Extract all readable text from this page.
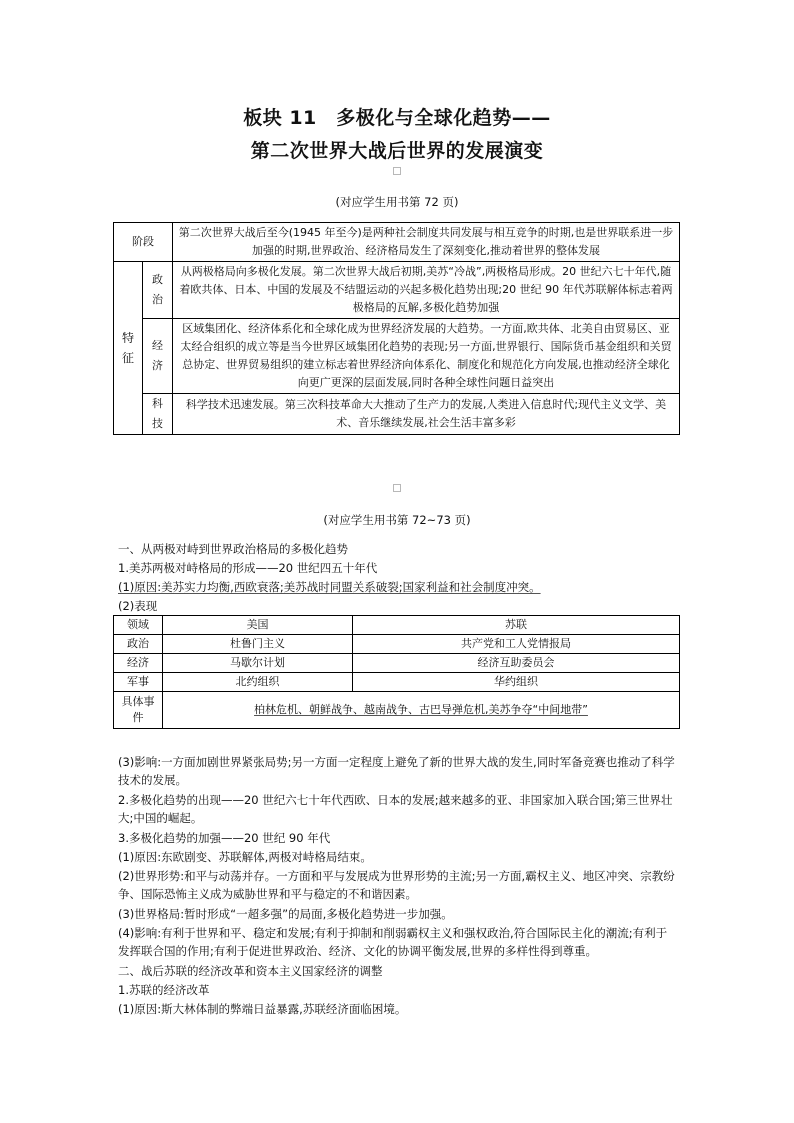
板块 11　多极化与全球化趋势——
第二次世界大战后世界的发展演变
(对应学生用书第 72 页)
阶段		第二次世界大战后至今(1945 年至今)是两种社会制度共同发展与相互竞争的时期,也是世界联系进一步加强的时期,世界政治、经济格局发生了深刻变化,推动着世界的整体发展
特征	政治	从两极格局向多极化发展。第二次世界大战后初期,美苏“冷战”,两极格局形成。20 世纪六七十年代,随着欧共体、日本、中国的发展及不结盟运动的兴起多极化趋势出现;20 世纪 90 年代苏联解体标志着两极格局的瓦解,多极化趋势加强
	经济	区域集团化、经济体系化和全球化成为世界经济发展的大趋势。一方面,欧共体、北美自由贸易区、亚太经合组织的成立等是当今世界区域集团化趋势的表现;另一方面,世界银行、国际货币基金组织和关贸总协定、世界贸易组织的建立标志着世界经济向体系化、制度化和规范化方向发展,也推动经济全球化向更广更深的层面发展,同时各种全球性问题日益突出
	科技	科学技术迅速发展。第三次科技革命大大推动了生产力的发展,人类进入信息时代;现代主义文学、美术、音乐继续发展,社会生活丰富多彩
(对应学生用书第 72~73 页)
一、从两极对峙到世界政治格局的多极化趋势
1.美苏两极对峙格局的形成——20 世纪四五十年代
(1)原因:美苏实力均衡,西欧衰落;美苏战时同盟关系破裂;国家利益和社会制度冲突。
(2)表现
领域	美国	苏联
政治	杜鲁门主义	共产党和工人党情报局
经济	马歇尔计划	经济互助委员会
军事	北约组织	华约组织
具体事件	柏林危机、朝鲜战争、越南战争、古巴导弹危机,美苏争夺“中间地带”	
(3)影响:一方面加剧世界紧张局势;另一方面一定程度上避免了新的世界大战的发生,同时军备竞赛也推动了科学技术的发展。
2.多极化趋势的出现——20 世纪六七十年代西欧、日本的发展;越来越多的亚、非国家加入联合国;第三世界壮大;中国的崛起。
3.多极化趋势的加强——20 世纪 90 年代
(1)原因:东欧剧变、苏联解体,两极对峙格局结束。
(2)世界形势:和平与动荡并存。一方面和平与发展成为世界形势的主流;另一方面,霸权主义、地区冲突、宗教纷争、国际恐怖主义成为威胁世界和平与稳定的不和谐因素。
(3)世界格局:暂时形成“一超多强”的局面,多极化趋势进一步加强。
(4)影响:有利于世界和平、稳定和发展;有利于抑制和削弱霸权主义和强权政治,符合国际民主化的潮流;有利于发挥联合国的作用;有利于促进世界政治、经济、文化的协调平衡发展,世界的多样性得到尊重。
二、战后苏联的经济改革和资本主义国家经济的调整
1.苏联的经济改革
(1)原因:斯大林体制的弊端日益暴露,苏联经济面临困境。
